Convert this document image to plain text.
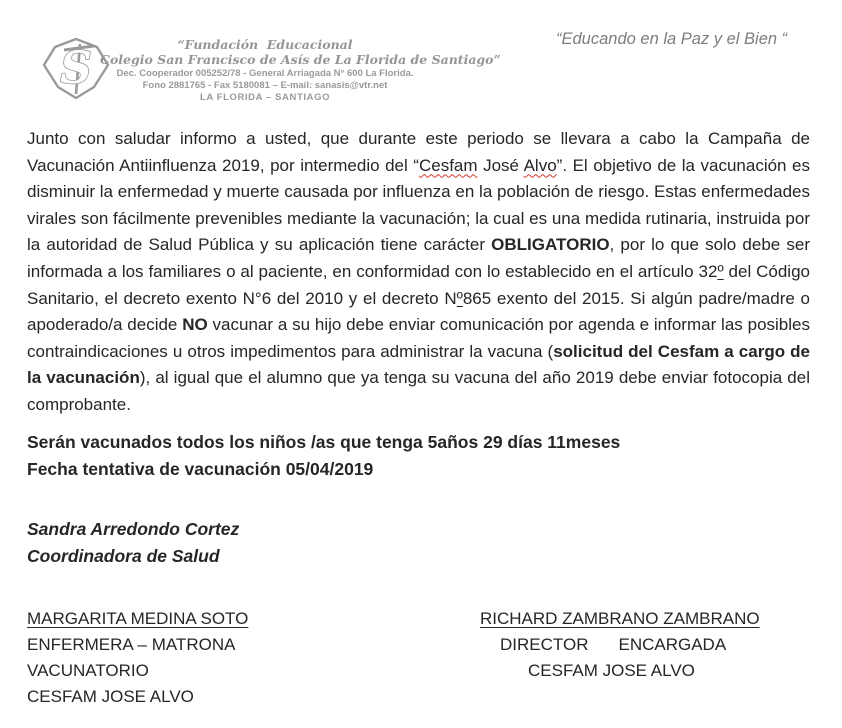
S	“Fundación  Educacional
Colegio San Francisco de Asís de La Florida de Santiago”
Dec. Cooperador 005252/78 - General Arriagada N° 600 La Florida.
Fono 2881765 - Fax 5180081 – E-mail: sanasis@vtr.net
LA FLORIDA – SANTIAGO
“Educando en la Paz y el Bien “

Junto con saludar informo a usted, que durante este periodo se llevara a cabo la Campaña de Vacunación Antiinfluenza 2019, por intermedio del “Cesfam José Alvo”. El objetivo de la vacunación es disminuir la enfermedad y muerte causada por influenza en la población de riesgo. Estas enfermedades virales son fácilmente prevenibles mediante la vacunación; la cual es una medida rutinaria, instruida por la autoridad de Salud Pública y su aplicación tiene carácter OBLIGATORIO, por lo que solo debe ser informada a los familiares o al paciente, en conformidad con lo establecido en el artículo 32º del Código Sanitario, el decreto exento N°6 del 2010 y el decreto Nº865 exento del 2015. Si algún padre/madre o apoderado/a decide NO vacunar a su hijo debe enviar comunicación por agenda e informar las posibles contraindicaciones u otros impedimentos para administrar la vacuna (solicitud del Cesfam a cargo de la vacunación), al igual que el alumno que ya tenga su vacuna del año 2019 debe enviar fotocopia del comprobante.

Serán vacunados todos los niños /as que tenga 5años 29 días 11meses
Fecha tentativa de vacunación 05/04/2019
Sandra Arredondo Cortez
Coordinadora de Salud
MARGARITA MEDINA SOTO
ENFERMERA – MATRONA
VACUNATORIO
CESFAM JOSE ALVO
RICHARD ZAMBRANO ZAMBRANO
DIRECTOR ENCARGADA
CESFAM JOSE ALVO
